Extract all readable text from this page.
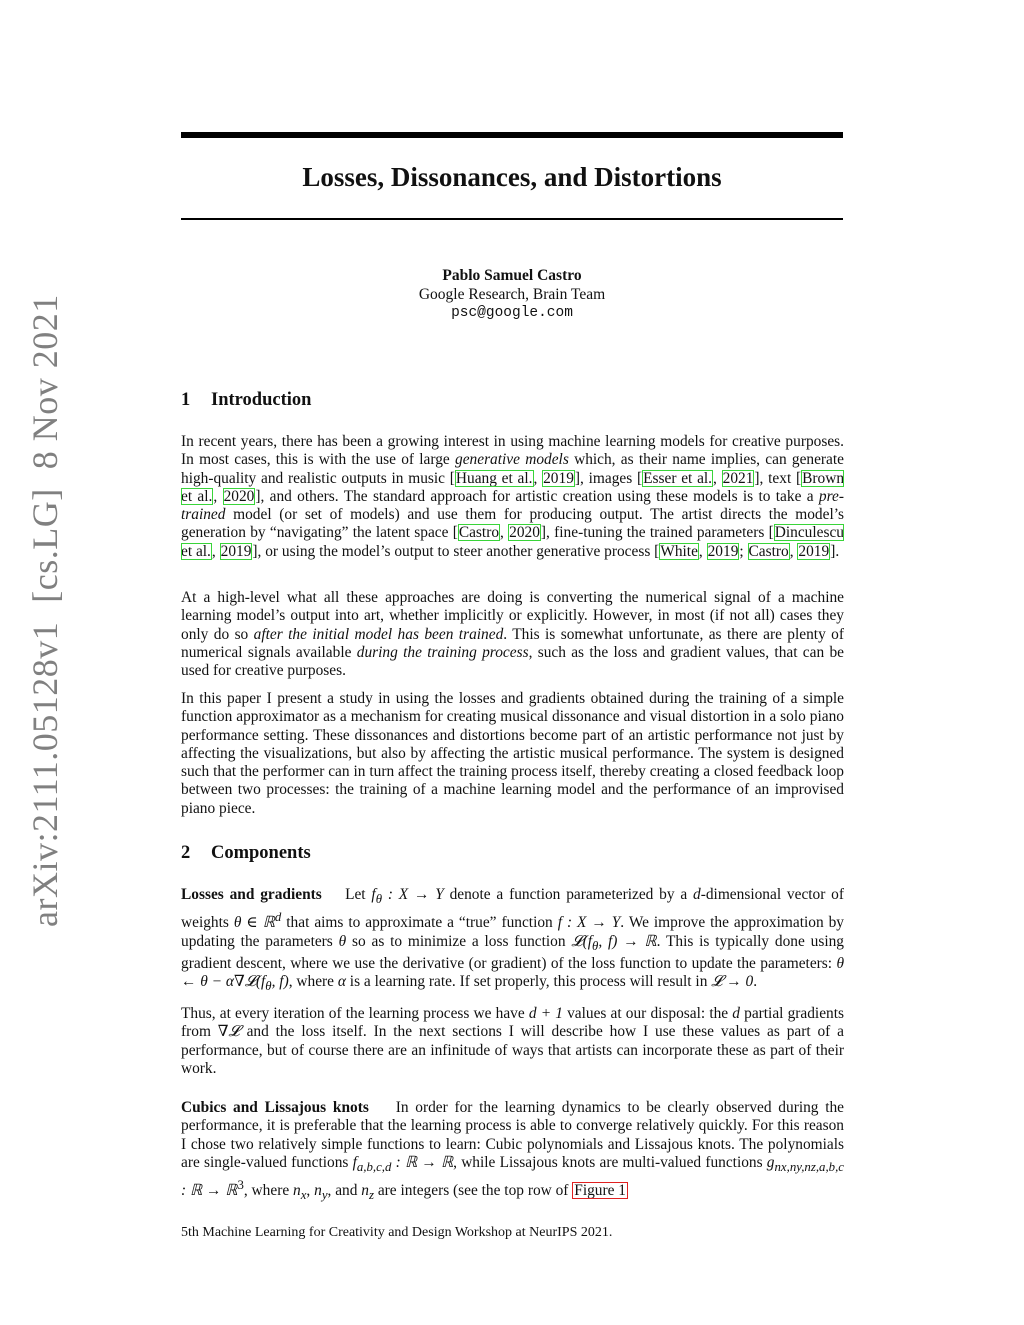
arXiv:2111.05128v1  [cs.LG]  8 Nov 2021
Losses, Dissonances, and Distortions
Pablo Samuel Castro
Google Research, Brain Team
psc@google.com
1 Introduction

In recent years, there has been a growing interest in using machine learning models for creative purposes. In most cases, this is with the use of large generative models which, as their name implies, can generate high-quality and realistic outputs in music [Huang et al., 2019], images [Esser et al., 2021], text [Brown et al., 2020], and others. The standard approach for artistic creation using these models is to take a pre-trained model (or set of models) and use them for producing output. The artist directs the model’s generation by “navigating” the latent space [Castro, 2020], fine-tuning the trained parameters [Dinculescu et al., 2019], or using the model’s output to steer another generative process [White, 2019; Castro, 2019].

At a high-level what all these approaches are doing is converting the numerical signal of a machine learning model’s output into art, whether implicitly or explicitly. However, in most (if not all) cases they only do so after the initial model has been trained. This is somewhat unfortunate, as there are plenty of numerical signals available during the training process, such as the loss and gradient values, that can be used for creative purposes.

In this paper I present a study in using the losses and gradients obtained during the training of a simple function approximator as a mechanism for creating musical dissonance and visual distortion in a solo piano performance setting. These dissonances and distortions become part of an artistic performance not just by affecting the visualizations, but also by affecting the artistic musical performance. The system is designed such that the performer can in turn affect the training process itself, thereby creating a closed feedback loop between two processes: the training of a machine learning model and the performance of an improvised piano piece.

2 Components

Losses and gradients Let $f_\theta$ : X → Y denote a function parameterized by a d-dimensional vector of weights θ ∈ ℝ$^d$ that aims to approximate a “true” function f : X → Y. We improve the approximation by updating the parameters θ so as to minimize a loss function $𝓛(f_\theta$, f) → ℝ. This is typically done using gradient descent, where we use the derivative (or gradient) of the loss function to update the parameters: θ ← $\theta - \alpha\nabla 𝓛(f_\theta$, f), where α is a learning rate. If set properly, this process will result in 𝓛 → 0.

Thus, at every iteration of the learning process we have d + 1 values at our disposal: the d partial gradients from ∇𝓛 and the loss itself. In the next sections I will describe how I use these values as part of a performance, but of course there are an infinitude of ways that artists can incorporate these as part of their work.

Cubics and Lissajous knots In order for the learning dynamics to be clearly observed during the performance, it is preferable that the learning process is able to converge relatively quickly. For this reason I chose two relatively simple functions to learn: Cubic polynomials and Lissajous knots. The polynomials are single-valued functions $f_{a,b,c,d}$ : ℝ → ℝ, while Lissajous knots are multi-valued functions $g_{nx,ny,nz,a,b,c}$ : ℝ → ℝ$^3$, where $n_x$, $n_y$, and $n_z$ are integers (see the top row of Figure 1

5th Machine Learning for Creativity and Design Workshop at NeurIPS 2021.
